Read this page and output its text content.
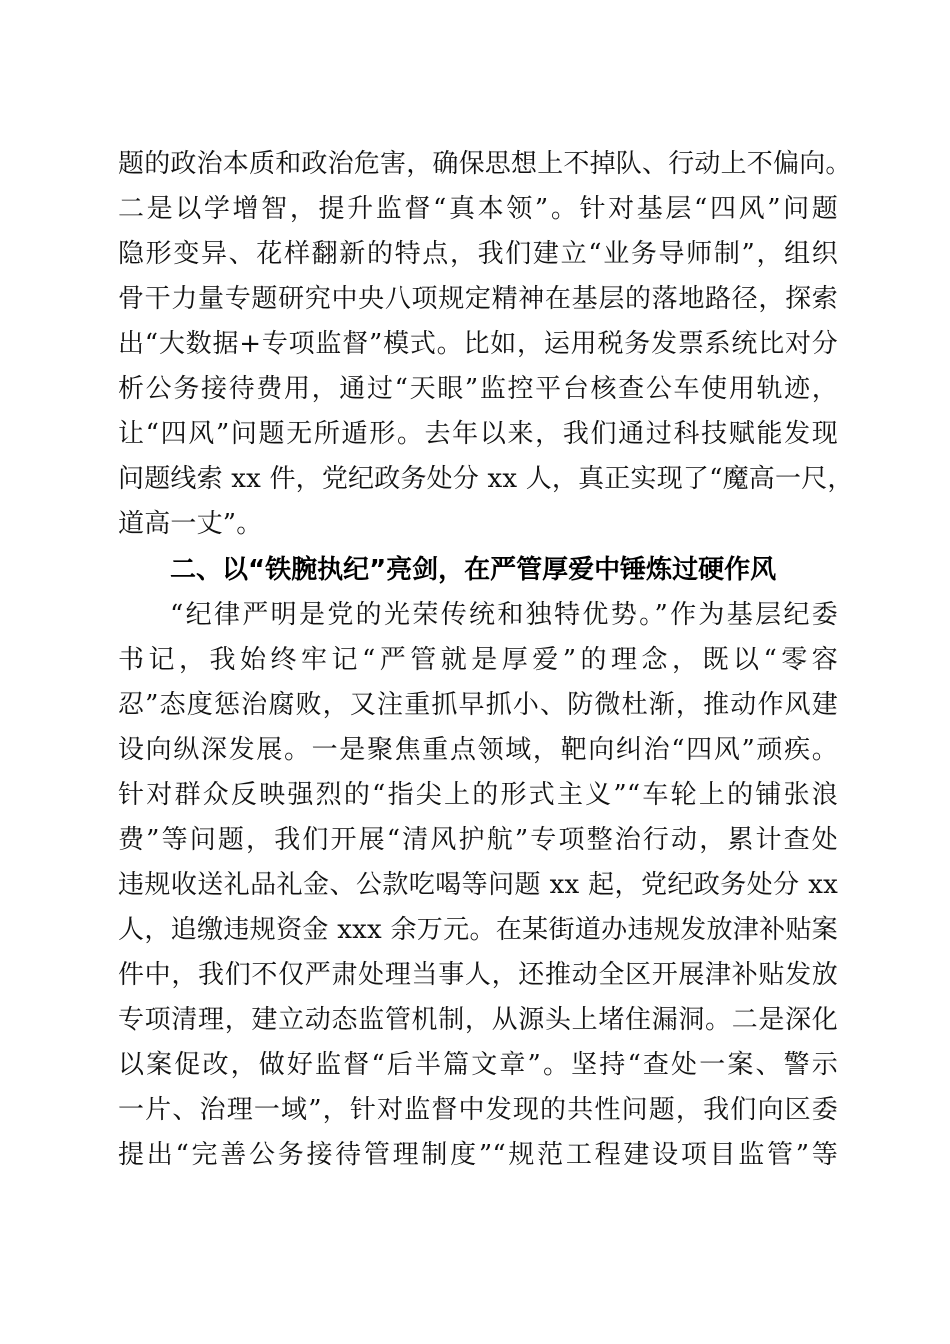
题的政治本质和政治危害，确保思想上不掉队、行动上不偏向。
二是以学增智，提升监督“真本领”。针对基层“四风”问题
隐形变异、花样翻新的特点，我们建立“业务导师制”，组织
骨干力量专题研究中央八项规定精神在基层的落地路径，探索
出“大数据+专项监督”模式。比如，运用税务发票系统比对分
析公务接待费用，通过“天眼”监控平台核查公车使用轨迹，
让“四风”问题无所遁形。去年以来，我们通过科技赋能发现
问题线索 xx 件，党纪政务处分 xx 人，真正实现了“魔高一尺，
道高一丈”。
二、以“铁腕执纪”亮剑，在严管厚爱中锤炼过硬作风
“纪律严明是党的光荣传统和独特优势。”作为基层纪委
书记，我始终牢记“严管就是厚爱”的理念，既以“零容
忍”态度惩治腐败，又注重抓早抓小、防微杜渐，推动作风建
设向纵深发展。一是聚焦重点领域，靶向纠治“四风”顽疾。
针对群众反映强烈的“指尖上的形式主义”“车轮上的铺张浪
费”等问题，我们开展“清风护航”专项整治行动，累计查处
违规收送礼品礼金、公款吃喝等问题 xx 起，党纪政务处分 xx
人，追缴违规资金 xxx 余万元。在某街道办违规发放津补贴案
件中，我们不仅严肃处理当事人，还推动全区开展津补贴发放
专项清理，建立动态监管机制，从源头上堵住漏洞。二是深化
以案促改，做好监督“后半篇文章”。坚持“查处一案、警示
一片、治理一域”，针对监督中发现的共性问题，我们向区委
提出“完善公务接待管理制度”“规范工程建设项目监管”等
